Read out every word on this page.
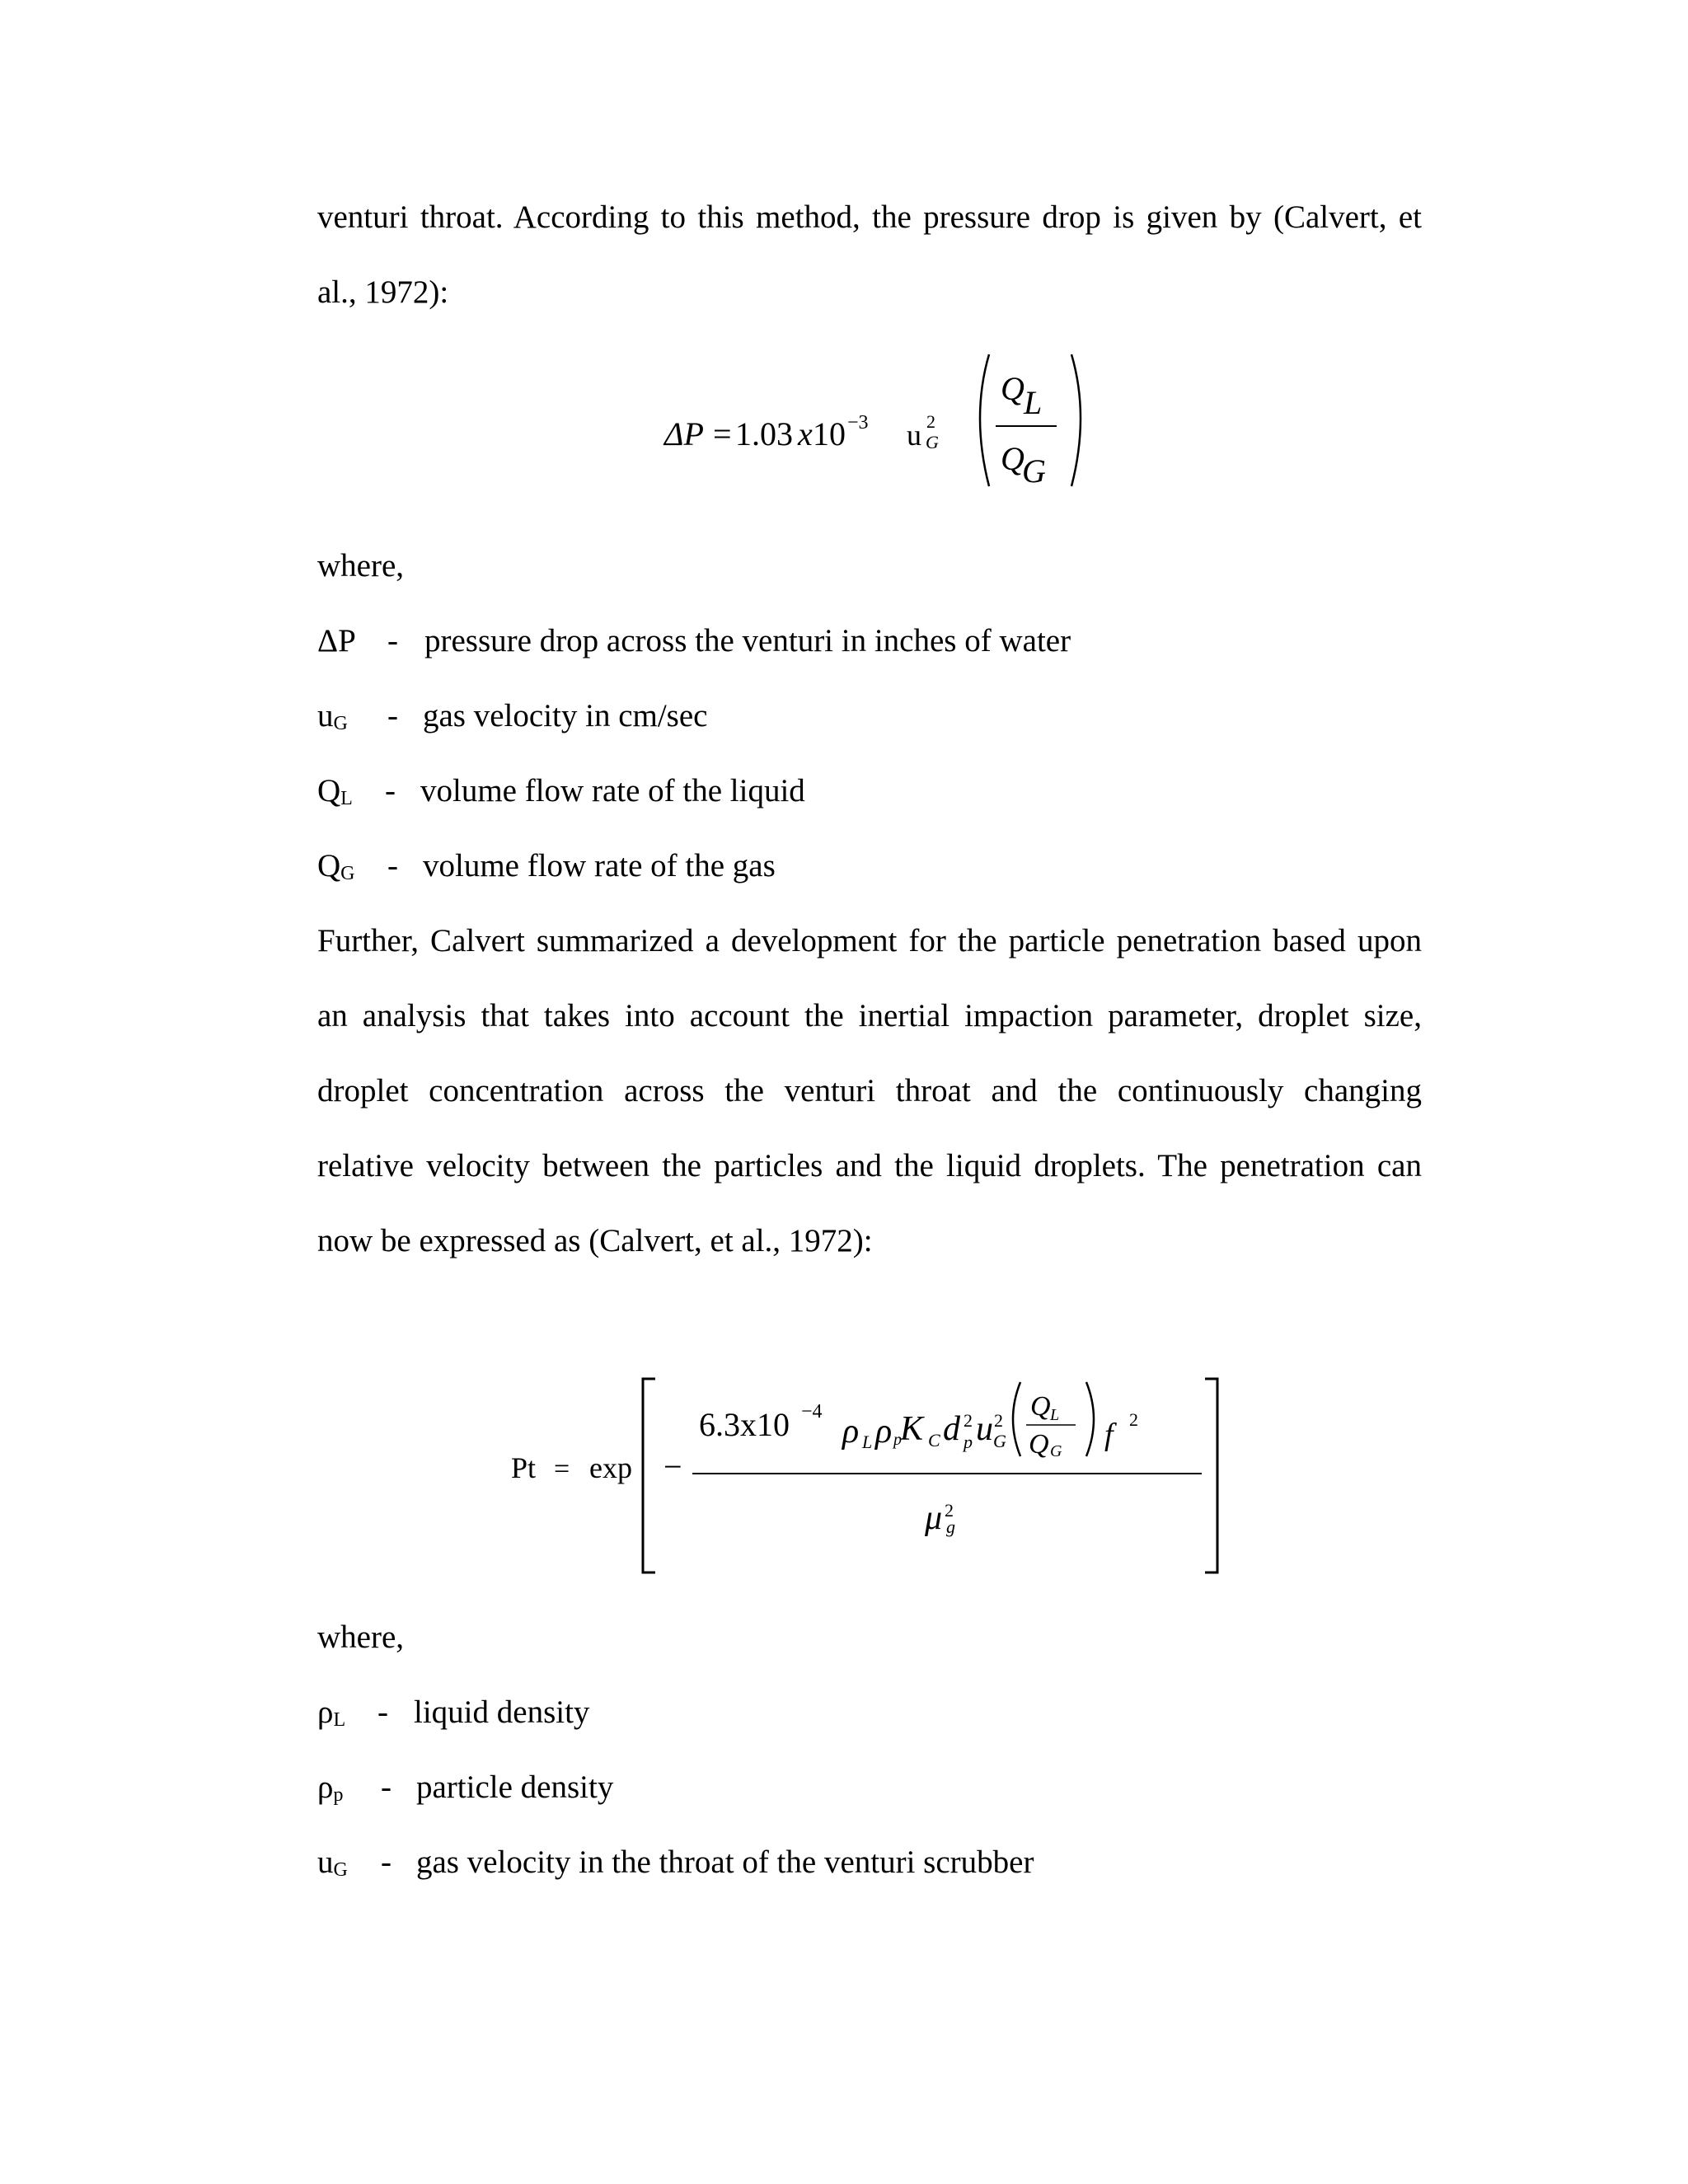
venturi throat. According to this method, the pressure drop is given by (Calvert, et
al., 1972):
ΔP = 1.03 x 10 −3 u 2
G
Q L
Q
G
where,
ΔP - pressure drop across the venturi in inches of water
uG - gas velocity in cm/sec
QL - volume flow rate of the liquid
QG - volume flow rate of the gas
Further, Calvert summarized a development for the particle penetration based upon
an analysis that takes into account the inertial impaction parameter, droplet size,
droplet concentration across the venturi throat and the continuously changing
relative velocity between the particles and the liquid droplets. The penetration can
now be expressed as (Calvert, et al., 1972):
Pt = exp −
6.3x10 −4
ρ L ρ p
K C d 2
p u 2
G
Q L
Q G f 2
μ 2
g
where,
ρL - liquid density
ρp - particle density
uG - gas velocity in the throat of the venturi scrubber
